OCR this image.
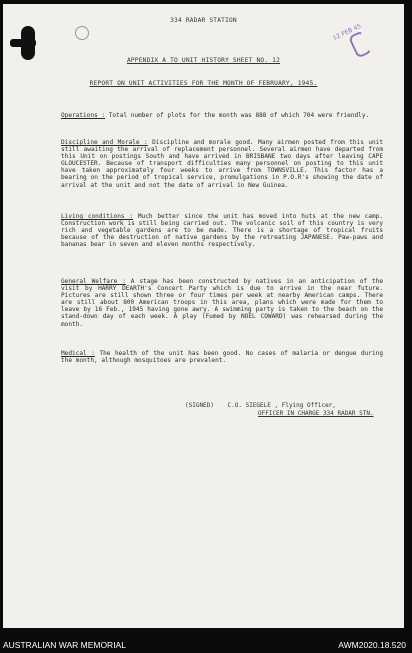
12 FEB 45
334 RADAR STATION
APPENDIX A TO UNIT HISTORY SHEET NO. 12
REPORT ON UNIT ACTIVITIES FOR THE MONTH OF FEBRUARY, 1945.
Operations : Total number of plots for the month was 888 of which 704 were friendly.
Discipline and Morale : Discipline and morale good. Many airmen posted from this unit still awaiting the arrival of replacement personnel. Several airmen have departed from this Unit on postings South and have arrived in BRISBANE two days after leaving CAPE GLOUCESTER. Because of transport difficulties many personnel on posting to this unit have taken approximately four weeks to arrive from TOWNSVILLE. This factor has a bearing on the period of tropical service, promulgations in P.O.R's showing the date of arrival at the unit and not the date of arrival in New Guinea.
Living conditions : Much better since the unit has moved into huts at the new camp. Construction work is still being carried out. The volcanic soil of this country is very rich and vegetable gardens are to be made. There is a shortage of tropical fruits because of the destruction of native gardens by the retreating JAPANESE. Paw-paws and bananas bear in seven and eleven months respectively.
General Welfare : A stage has been constructed by natives in an anticipation of the visit by HARRY DEARTH's Concert Party which is due to arrive in the near future. Pictures are still shown three or four times per week at nearby American camps. There are still about 800 American troops in this area, plans which were made for them to leave by 16 Feb., 1945 having gone awry. A swimming party is taken to the beach on the stand-down day of each week. A play (Fumed by NOEL COWARD) was rehearsed during the month.
Medical : The health of the unit has been good. No cases of malaria or dengue during the month, although mosquitoes are prevalent.
(SIGNED) C.O. SIEGELE , Flying Officer,
OFFICER IN CHARGE 334 RADAR STN.
AUSTRALIAN WAR MEMORIAL	AWM2020.18.520
